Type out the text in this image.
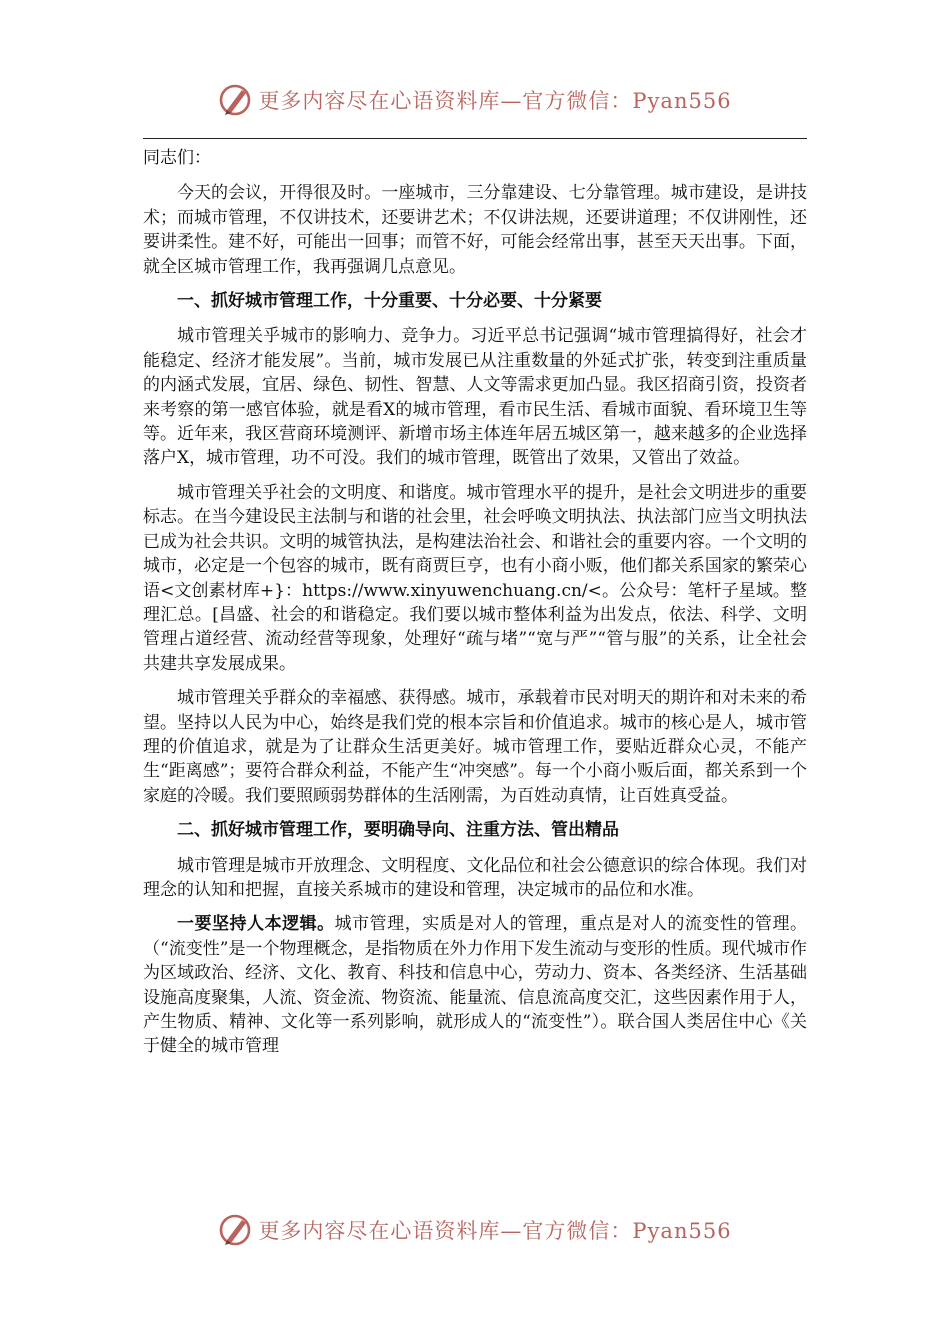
更多内容尽在心语资料库—官方微信：Pyan556

同志们：

今天的会议，开得很及时。一座城市，三分靠建设、七分靠管理。城市建设，是讲技术；而城市管理，不仅讲技术，还要讲艺术；不仅讲法规，还要讲道理；不仅讲刚性，还要讲柔性。建不好，可能出一回事；而管不好，可能会经常出事，甚至天天出事。下面，就全区城市管理工作，我再强调几点意见。

一、抓好城市管理工作，十分重要、十分必要、十分紧要

城市管理关乎城市的影响力、竞争力。习近平总书记强调“城市管理搞得好，社会才能稳定、经济才能发展”。当前，城市发展已从注重数量的外延式扩张，转变到注重质量的内涵式发展，宜居、绿色、韧性、智慧、人文等需求更加凸显。我区招商引资，投资者来考察的第一感官体验，就是看X的城市管理，看市民生活、看城市面貌、看环境卫生等等。近年来，我区营商环境测评、新增市场主体连年居五城区第一，越来越多的企业选择落户X，城市管理，功不可没。我们的城市管理，既管出了效果，又管出了效益。

城市管理关乎社会的文明度、和谐度。城市管理水平的提升，是社会文明进步的重要标志。在当今建设民主法制与和谐的社会里，社会呼唤文明执法、执法部门应当文明执法已成为社会共识。文明的城管执法，是构建法治社会、和谐社会的重要内容。一个文明的城市，必定是一个包容的城市，既有商贾巨亨，也有小商小贩，他们都关系国家的繁荣心语<文创素材库+}：https://www.xinyuwenchuang.cn/<。公众号：笔杆子星域。整理汇总。[昌盛、社会的和谐稳定。我们要以城市整体利益为出发点，依法、科学、文明管理占道经营、流动经营等现象，处理好“疏与堵”“宽与严”“管与服”的关系，让全社会共建共享发展成果。

城市管理关乎群众的幸福感、获得感。城市，承载着市民对明天的期许和对未来的希望。坚持以人民为中心，始终是我们党的根本宗旨和价值追求。城市的核心是人，城市管理的价值追求，就是为了让群众生活更美好。城市管理工作，要贴近群众心灵，不能产生“距离感”；要符合群众利益，不能产生“冲突感”。每一个小商小贩后面，都关系到一个家庭的冷暖。我们要照顾弱势群体的生活刚需，为百姓动真情，让百姓真受益。

二、抓好城市管理工作，要明确导向、注重方法、管出精品

城市管理是城市开放理念、文明程度、文化品位和社会公德意识的综合体现。我们对理念的认知和把握，直接关系城市的建设和管理，决定城市的品位和水准。

一要坚持人本逻辑。城市管理，实质是对人的管理，重点是对人的流变性的管理。（“流变性”是一个物理概念，是指物质在外力作用下发生流动与变形的性质。现代城市作为区域政治、经济、文化、教育、科技和信息中心，劳动力、资本、各类经济、生活基础设施高度聚集，人流、资金流、物资流、能量流、信息流高度交汇，这些因素作用于人，产生物质、精神、文化等一系列影响，就形成人的“流变性”）。联合国人类居住中心《关于健全的城市管理

更多内容尽在心语资料库—官方微信：Pyan556
